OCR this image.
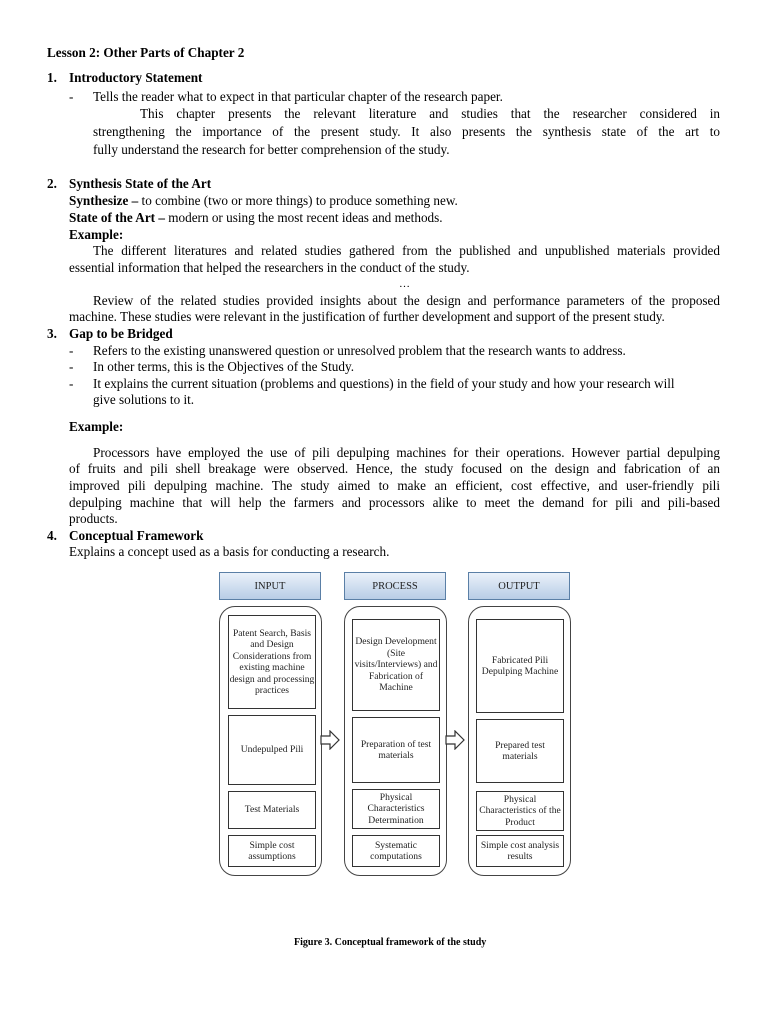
Lesson 2: Other Parts of Chapter 2
1. Introductory Statement
- Tells the reader what to expect in that particular chapter of the research paper.
This chapter presents the relevant literature and studies that the researcher considered in
strengthening the importance of the present study. It also presents the synthesis state of the art to
fully understand the research for better comprehension of the study.
2. Synthesis State of the Art
Synthesize – to combine (two or more things) to produce something new.
State of the Art – modern or using the most recent ideas and methods.
Example:
The different literatures and related studies gathered from the published and unpublished materials provided
essential information that helped the researchers in the conduct of the study.
…
Review of the related studies provided insights about the design and performance parameters of the proposed
machine. These studies were relevant in the justification of further development and support of the present study.
3. Gap to be Bridged
- Refers to the existing unanswered question or unresolved problem that the research wants to address.
- In other terms, this is the Objectives of the Study.
- It explains the current situation (problems and questions) in the field of your study and how your research will
give solutions to it.
Example:
Processors have employed the use of pili depulping machines for their operations. However partial depulping
of fruits and pili shell breakage were observed. Hence, the study focused on the design and fabrication of an
improved pili depulping machine. The study aimed to make an efficient, cost effective, and user-friendly pili
depulping machine that will help the farmers and processors alike to meet the demand for pili and pili-based
products.
4. Conceptual Framework
Explains a concept used as a basis for conducting a research.
INPUT	PROCESS	OUTPUT
Patent Search, Basis and Design Considerations from existing machine design and processing practices
Undepulped Pili
Test Materials
Simple cost assumptions
Design Development (Site visits/Interviews) and Fabrication of Machine
Preparation of test materials
Physical Characteristics Determination
Systematic computations
Fabricated Pili Depulping Machine
Prepared test materials
Physical Characteristics of the Product
Simple cost analysis results
Figure 3. Conceptual framework of the study
